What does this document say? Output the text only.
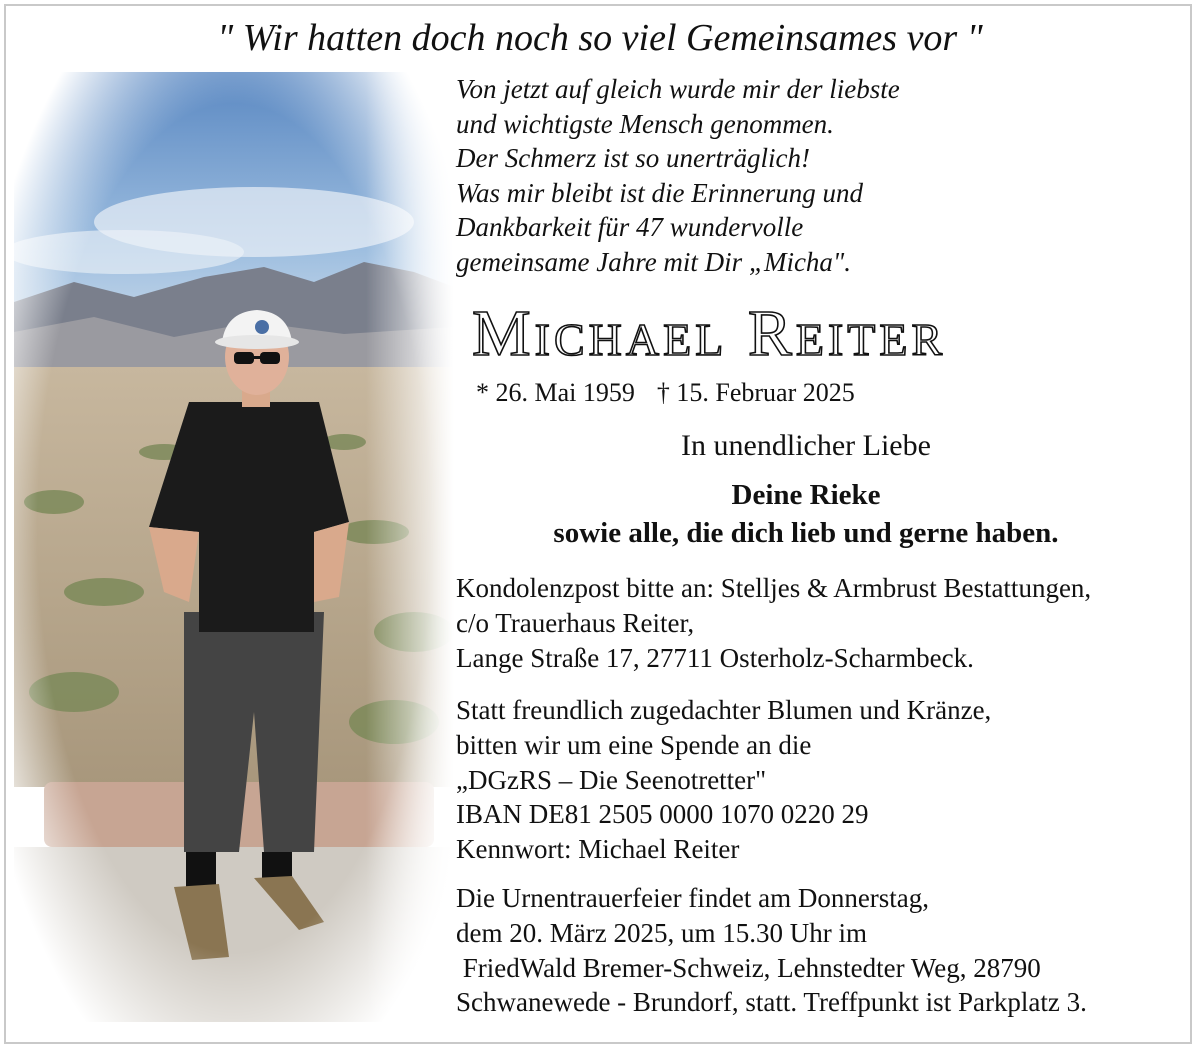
" Wir hatten doch noch so viel Gemeinsames vor "
Von jetzt auf gleich wurde mir der liebste
und wichtigste Mensch genommen.
Der Schmerz ist so unerträglich!
Was mir bleibt ist die Erinnerung und
Dankbarkeit für 47 wundervolle
gemeinsame Jahre mit Dir „Micha".
Michael Reiter
* 26. Mai 1959 † 15. Februar 2025
In unendlicher Liebe
Deine Rieke
sowie alle, die dich lieb und gerne haben.
Kondolenzpost bitte an: Stelljes & Armbrust Bestattungen,
c/o Trauerhaus Reiter,
Lange Straße 17, 27711 Osterholz-Scharmbeck.
Statt freundlich zugedachter Blumen und Kränze,
bitten wir um eine Spende an die
„DGzRS – Die Seenotretter"
IBAN DE81 2505 0000 1070 0220 29
Kennwort: Michael Reiter
Die Urnentrauerfeier findet am Donnerstag,
dem 20. März 2025, um 15.30 Uhr im
FriedWald Bremer-Schweiz, Lehnstedter Weg, 28790
Schwanewede - Brundorf, statt. Treffpunkt ist Parkplatz 3.
